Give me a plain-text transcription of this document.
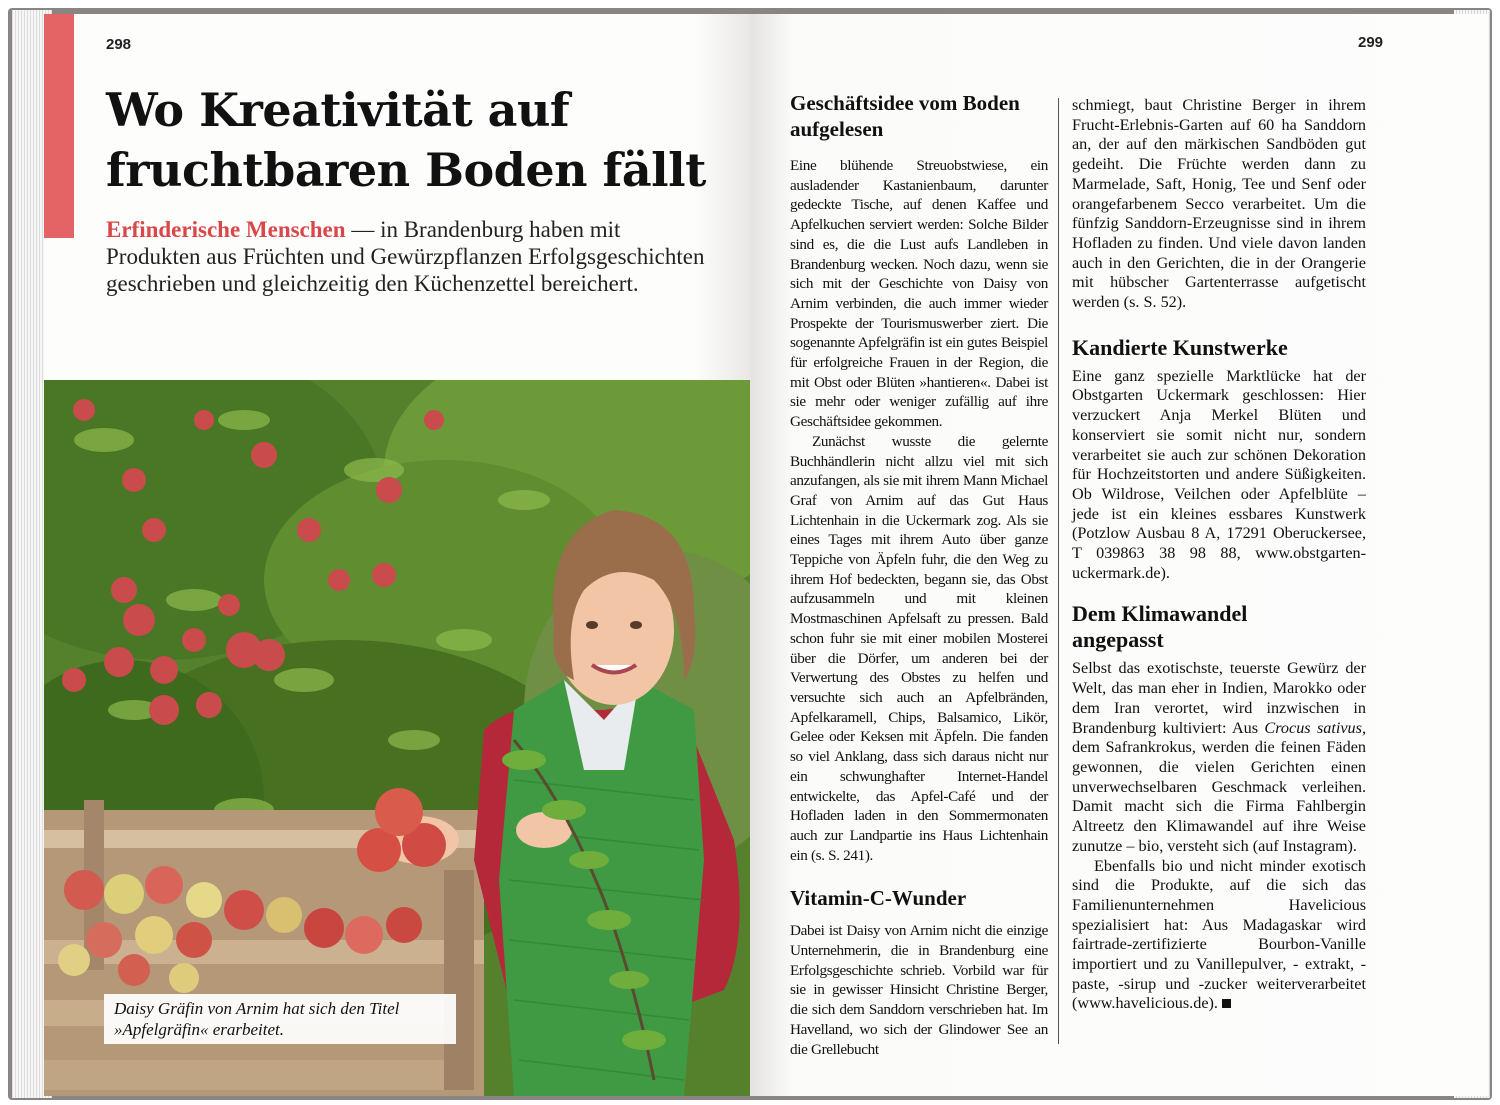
298
Wo Kreativität auf
fruchtbaren Boden fällt

Erfinderische Menschen — in Brandenburg haben mit Produkten aus Früchten und Gewürzpflanzen Erfolgsgeschichten geschrieben und gleichzeitig den Küchenzettel bereichert.

Daisy Gräfin von Arnim hat sich den Titel »Apfelgräfin« erarbeitet.

299
Geschäftsidee vom Boden aufgelesen

Eine blühende Streuobstwiese, ein ausladender Kastanienbaum, darunter gedeckte Tische, auf denen Kaffee und Apfelkuchen serviert werden: Solche Bilder sind es, die die Lust aufs Landleben in Brandenburg wecken. Noch dazu, wenn sie sich mit der Geschichte von Daisy von Arnim verbinden, die auch immer wieder Prospekte der Tourismuswerber ziert. Die sogenannte Apfelgräfin ist ein gutes Beispiel für erfolgreiche Frauen in der Region, die mit Obst oder Blüten »hantieren«. Dabei ist sie mehr oder weniger zufällig auf ihre Geschäftsidee gekommen.

Zunächst wusste die gelernte Buchhändlerin nicht allzu viel mit sich anzufangen, als sie mit ihrem Mann Michael Graf von Arnim auf das Gut Haus Lichtenhain in die Uckermark zog. Als sie eines Tages mit ihrem Auto über ganze Teppiche von Äpfeln fuhr, die den Weg zu ihrem Hof bedeckten, begann sie, das Obst aufzusammeln und mit kleinen Mostmaschinen Apfelsaft zu pressen. Bald schon fuhr sie mit einer mobilen Mosterei über die Dörfer, um anderen bei der Verwertung des Obstes zu helfen und versuchte sich auch an Apfelbränden, Apfelkaramell, Chips, Balsamico, Likör, Gelee oder Keksen mit Äpfeln. Die fanden so viel Anklang, dass sich daraus nicht nur ein schwunghafter Internet-Handel entwickelte, das Apfel-Café und der Hofladen laden in den Sommermonaten auch zur Landpartie ins Haus Lichtenhain ein (s. S. 241).

Vitamin-C-Wunder

Dabei ist Daisy von Arnim nicht die einzige Unternehmerin, die in Brandenburg eine Erfolgsgeschichte schrieb. Vorbild war für sie in gewisser Hinsicht Christine Berger, die sich dem Sanddorn verschrieben hat. Im Havelland, wo sich der Glindower See an die Grellebucht

schmiegt, baut Christine Berger in ihrem Frucht-Erlebnis-Garten auf 60 ha Sanddorn an, der auf den märkischen Sandböden gut gedeiht. Die Früchte werden dann zu Marmelade, Saft, Honig, Tee und Senf oder orangefarbenem Secco verarbeitet. Um die fünfzig Sanddorn-Erzeugnisse sind in ihrem Hofladen zu finden. Und viele davon landen auch in den Gerichten, die in der Orangerie mit hübscher Gartenterrasse aufgetischt werden (s. S. 52).

Kandierte Kunstwerke

Eine ganz spezielle Marktlücke hat der Obstgarten Uckermark geschlossen: Hier verzuckert Anja Merkel Blüten und konserviert sie somit nicht nur, sondern verarbeitet sie auch zur schönen Dekoration für Hochzeitstorten und andere Süßigkeiten. Ob Wildrose, Veilchen oder Apfelblüte – jede ist ein kleines essbares Kunstwerk (Potzlow Ausbau 8 A, 17291 Oberuckersee, T 039863 38 98 88, www.obstgarten-uckermark.de).

Dem Klimawandel
angepasst

Selbst das exotischste, teuerste Gewürz der Welt, das man eher in Indien, Marokko oder dem Iran verortet, wird inzwischen in Brandenburg kultiviert: Aus Crocus sativus, dem Safrankrokus, werden die feinen Fäden gewonnen, die vielen Gerichten einen unverwechselbaren Geschmack verleihen. Damit macht sich die Firma Fahlbergin Altreetz den Klimawandel auf ihre Weise zunutze – bio, versteht sich (auf Instagram).

Ebenfalls bio und nicht minder exotisch sind die Produkte, auf die sich das Familienunternehmen Havelicious spezialisiert hat: Aus Madagaskar wird fairtrade-zertifizierte Bourbon-Vanille importiert und zu Vanillepulver, - extrakt, -paste, -sirup und -zucker weiterverarbeitet (www.havelicious.de).
